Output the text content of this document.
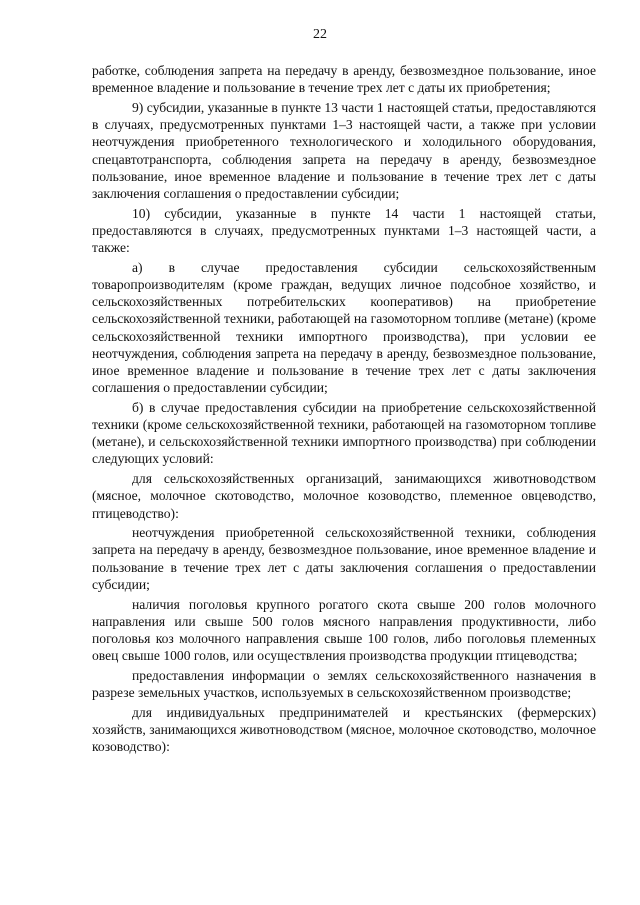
22

работке, соблюдения запрета на передачу в аренду, безвозмездное пользование, иное временное владение и пользование в течение трех лет с даты их приобретения;

9) субсидии, указанные в пункте 13 части 1 настоящей статьи, предоставляются в случаях, предусмотренных пунктами 1–3 настоящей части, а также при условии неотчуждения приобретенного технологического и холодильного оборудования, спецавтотранспорта, соблюдения запрета на передачу в аренду, безвозмездное пользование, иное временное владение и пользование в течение трех лет с даты заключения соглашения о предоставлении субсидии;

10) субсидии, указанные в пункте 14 части 1 настоящей статьи, предоставляются в случаях, предусмотренных пунктами 1–3 настоящей части, а также:

а) в случае предоставления субсидии сельскохозяйственным товаропроизводителям (кроме граждан, ведущих личное подсобное хозяйство, и сельскохозяйственных потребительских кооперативов) на приобретение сельскохозяйственной техники, работающей на газомоторном топливе (метане) (кроме сельскохозяйственной техники импортного производства), при условии ее неотчуждения, соблюдения запрета на передачу в аренду, безвозмездное пользование, иное временное владение и пользование в течение трех лет с даты заключения соглашения о предоставлении субсидии;

б) в случае предоставления субсидии на приобретение сельскохозяйственной техники (кроме сельскохозяйственной техники, работающей на газомоторном топливе (метане), и сельскохозяйственной техники импортного производства) при соблюдении следующих условий:

для сельскохозяйственных организаций, занимающихся животноводством (мясное, молочное скотоводство, молочное козоводство, племенное овцеводство, птицеводство):

неотчуждения приобретенной сельскохозяйственной техники, соблюдения запрета на передачу в аренду, безвозмездное пользование, иное временное владение и пользование в течение трех лет с даты заключения соглашения о предоставлении субсидии;

наличия поголовья крупного рогатого скота свыше 200 голов молочного направления или свыше 500 голов мясного направления продуктивности, либо поголовья коз молочного направления свыше 100 голов, либо поголовья племенных овец свыше 1000 голов, или осуществления производства продукции птицеводства;

предоставления информации о землях сельскохозяйственного назначения в разрезе земельных участков, используемых в сельскохозяйственном производстве;

для индивидуальных предпринимателей и крестьянских (фермерских) хозяйств, занимающихся животноводством (мясное, молочное скотоводство, молочное козоводство):
